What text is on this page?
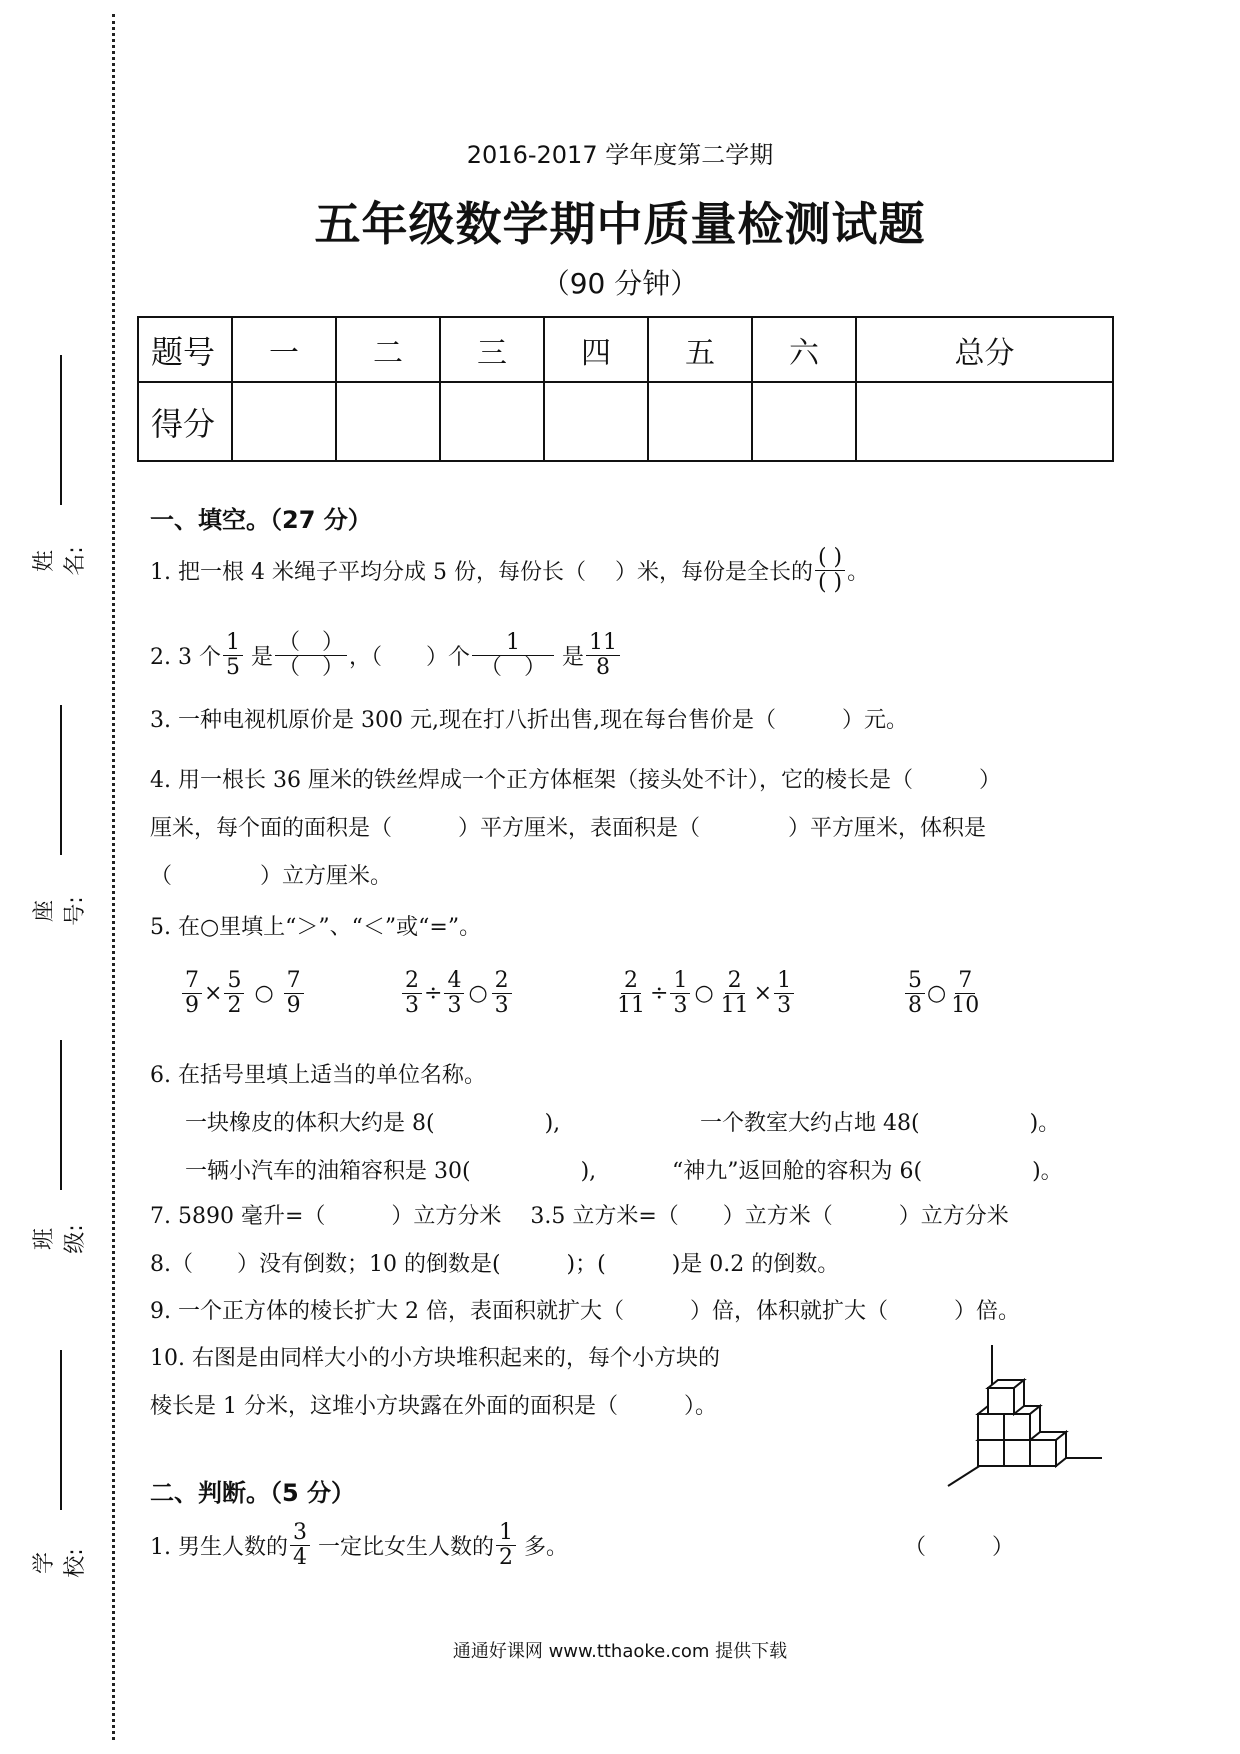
姓名:
座号:
班级:
学校:
2016-2017 学年度第二学期
五年级数学期中质量检测试题
（90 分钟）
题号	一	二	三	四	五	六	总分
得分							
一、填空。（27 分）
1. 把一根 4 米绳子平均分成 5 份，每份长（　 ）米，每份是全长的 $\frac{( )}{( )}$ 。
2. 3 个 $\frac{1}{5}$ 是 $\frac{( )}{( )}$ ，（　　）个 $\frac{1}{( )}$ 是 $\frac{11}{8}$
3. 一种电视机原价是 300 元,现在打八折出售,现在每台售价是（　　　）元。
4. 用一根长 36 厘米的铁丝焊成一个正方体框架（接头处不计），它的棱长是（　　　）
厘米，每个面的面积是（　　　）平方厘米，表面积是（　　　　）平方厘米，体积是
（　　　　）立方厘米。
5. 在○里填上“＞”、“＜”或“=”。
$\frac{7}{9} \times \frac{5}{2}$ ○ $\frac{7}{9}$	$\frac{2}{3} \div \frac{4}{3}$ ○ $\frac{2}{3}$	$\frac{2}{11} \div \frac{1}{3}$ ○ $\frac{2}{11} \times \frac{1}{3}$	$\frac{5}{8}$ ○ $\frac{7}{10}$
6. 在括号里填上适当的单位名称。
一块橡皮的体积大约是 8(　　　　　),	一个教室大约占地 48(　　　　　)。
一辆小汽车的油箱容积是 30(　　　　　),	“神九”返回舱的容积为 6(　　　　　)。
7. 5890 毫升=（　　　）立方分米　 3.5 立方米=（　　）立方米（　　　）立方分米
8.（　　）没有倒数；10 的倒数是(　　　)；(　　　)是 0.2 的倒数。
9. 一个正方体的棱长扩大 2 倍，表面积就扩大（　　　）倍，体积就扩大（　　　）倍。
10. 右图是由同样大小的小方块堆积起来的，每个小方块的
棱长是 1 分米，这堆小方块露在外面的面积是（　　　）。
二、判断。（5 分）
1. 男生人数的 $\frac{3}{4}$ 一定比女生人数的 $\frac{1}{2}$ 多。	（　　　）
通通好课网 www.tthaoke.com 提供下载
